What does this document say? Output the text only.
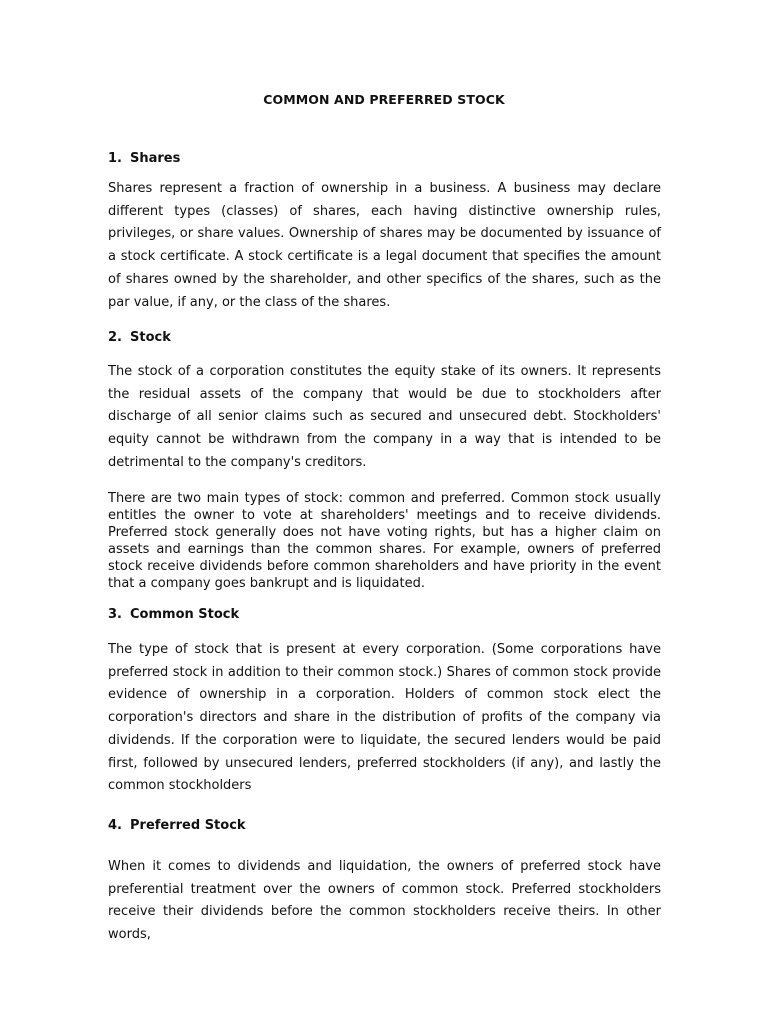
COMMON AND PREFERRED STOCK
1. Shares

Shares represent a fraction of ownership in a business. A business may declare different types (classes) of shares, each having distinctive ownership rules, privileges, or share values. Ownership of shares may be documented by issuance of a stock certificate. A stock certificate is a legal document that specifies the amount of shares owned by the shareholder, and other specifics of the shares, such as the par value, if any, or the class of the shares.

2. Stock

The stock of a corporation constitutes the equity stake of its owners. It represents the residual assets of the company that would be due to stockholders after discharge of all senior claims such as secured and unsecured debt. Stockholders' equity cannot be withdrawn from the company in a way that is intended to be detrimental to the company's creditors.

There are two main types of stock: common and preferred. Common stock usually entitles the owner to vote at shareholders' meetings and to receive dividends. Preferred stock generally does not have voting rights, but has a higher claim on assets and earnings than the common shares. For example, owners of preferred stock receive dividends before common shareholders and have priority in the event that a company goes bankrupt and is liquidated.

3. Common Stock

The type of stock that is present at every corporation. (Some corporations have preferred stock in addition to their common stock.) Shares of common stock provide evidence of ownership in a corporation. Holders of common stock elect the corporation's directors and share in the distribution of profits of the company via dividends. If the corporation were to liquidate, the secured lenders would be paid first, followed by unsecured lenders, preferred stockholders (if any), and lastly the common stockholders

4. Preferred Stock

When it comes to dividends and liquidation, the owners of preferred stock have preferential treatment over the owners of common stock. Preferred stockholders receive their dividends before the common stockholders receive theirs. In other words,
